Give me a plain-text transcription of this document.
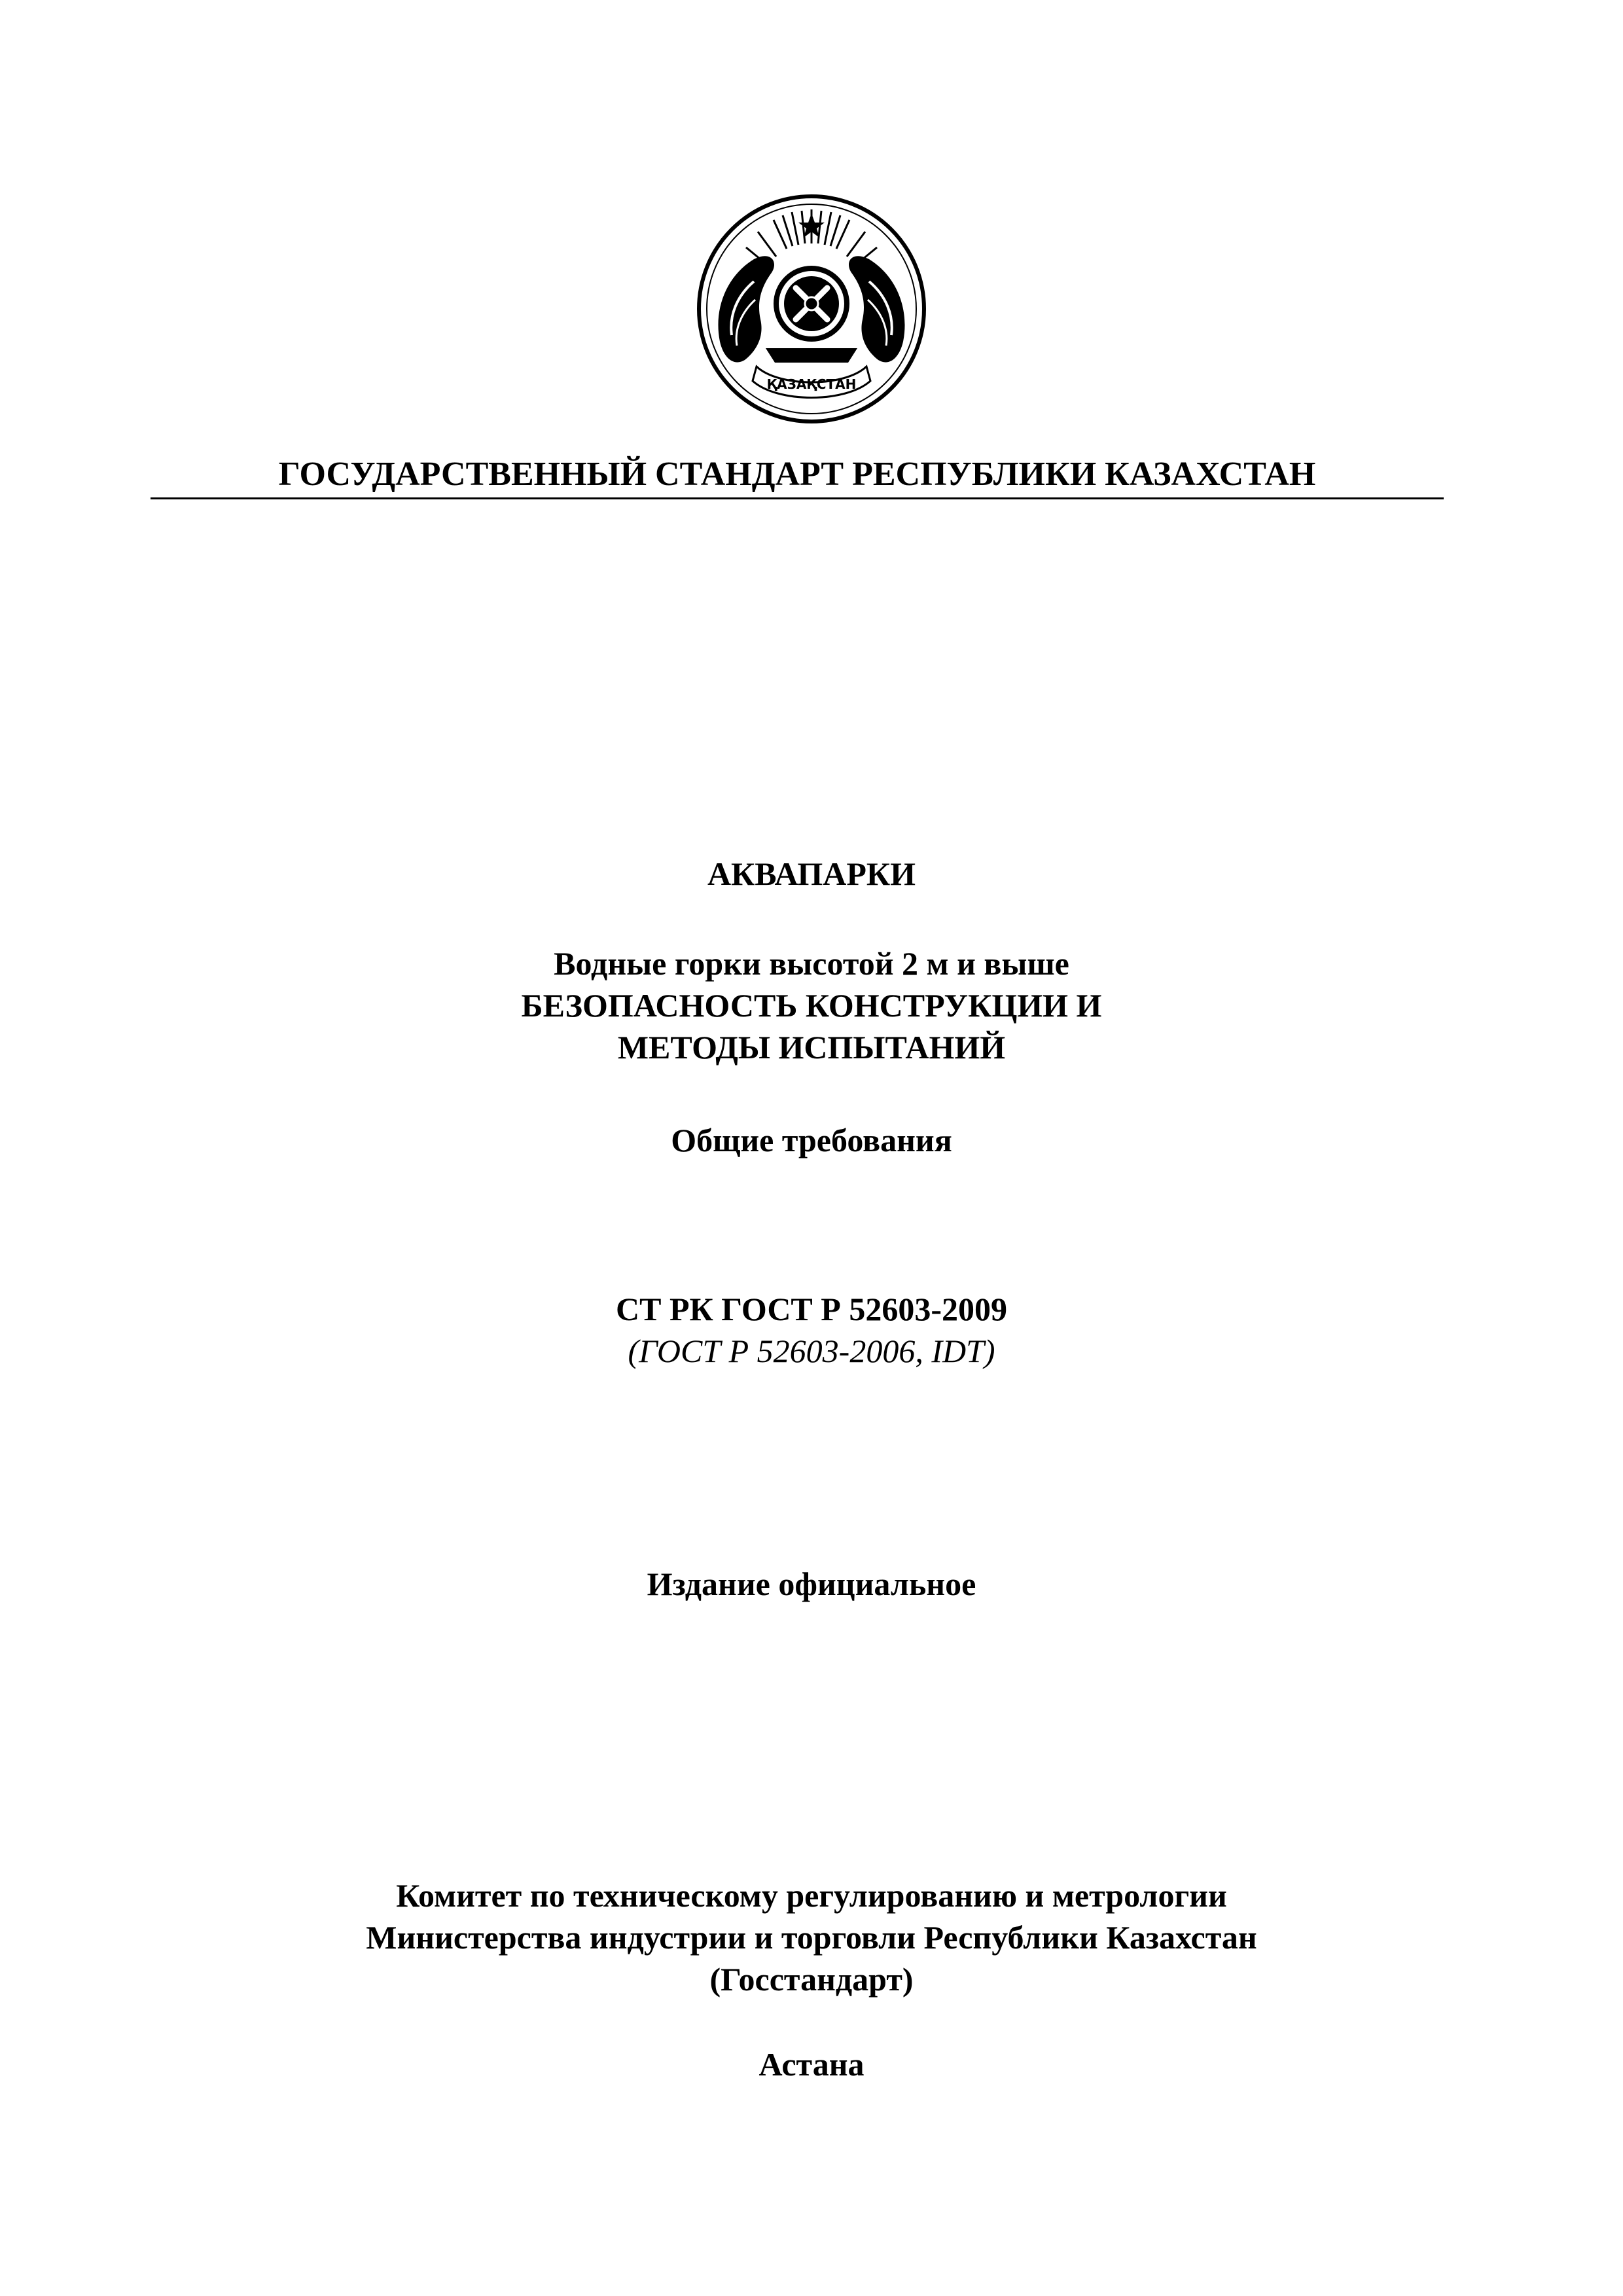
ҚАЗАҚСТАН
ГОСУДАРСТВЕННЫЙ СТАНДАРТ РЕСПУБЛИКИ КАЗАХСТАН
АКВАПАРКИ
Водные горки высотой 2 м и выше
БЕЗОПАСНОСТЬ КОНСТРУКЦИИ И
МЕТОДЫ ИСПЫТАНИЙ
Общие требования
СТ РК ГОСТ Р 52603-2009
(ГОСТ Р 52603-2006, IDT)
Издание официальное
Комитет по техническому регулированию и метрологии
Министерства индустрии и торговли Республики Казахстан
(Госстандарт)
Астана
